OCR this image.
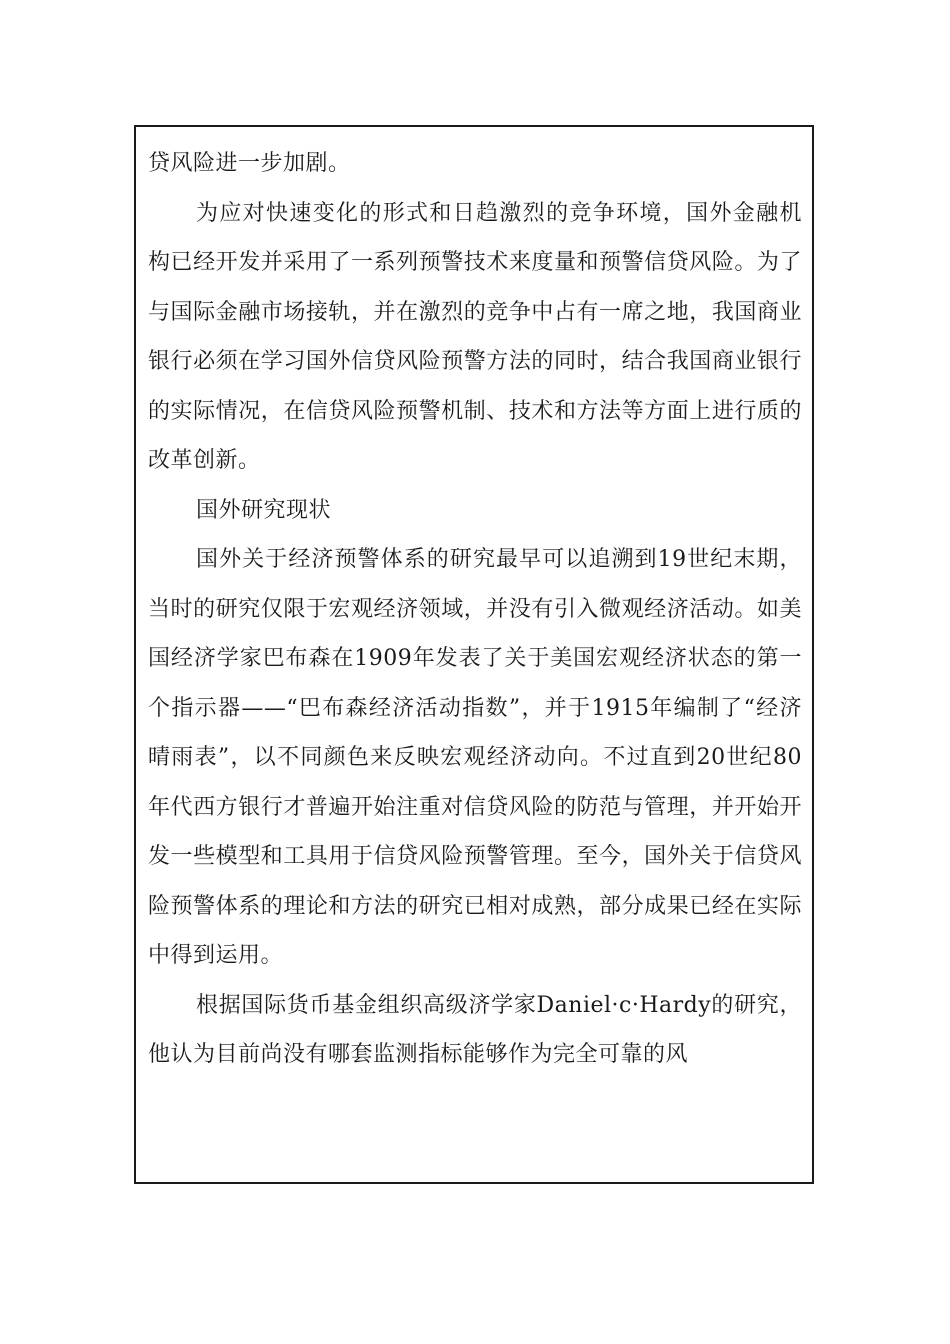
贷风险进一步加剧。

为应对快速变化的形式和日趋激烈的竞争环境，国外金融机构已经开发并采用了一系列预警技术来度量和预警信贷风险。为了与国际金融市场接轨，并在激烈的竞争中占有一席之地，我国商业银行必须在学习国外信贷风险预警方法的同时，结合我国商业银行的实际情况，在信贷风险预警机制、技术和方法等方面上进行质的改革创新。

国外研究现状

国外关于经济预警体系的研究最早可以追溯到19世纪末期，当时的研究仅限于宏观经济领域，并没有引入微观经济活动。如美国经济学家巴布森在1909年发表了关于美国宏观经济状态的第一个指示器——“巴布森经济活动指数”，并于1915年编制了“经济晴雨表”，以不同颜色来反映宏观经济动向。不过直到20世纪80年代西方银行才普遍开始注重对信贷风险的防范与管理，并开始开发一些模型和工具用于信贷风险预警管理。至今，国外关于信贷风险预警体系的理论和方法的研究已相对成熟，部分成果已经在实际中得到运用。

根据国际货币基金组织高级济学家Daniel·c·Hardy的研究，他认为目前尚没有哪套监测指标能够作为完全可靠的风
